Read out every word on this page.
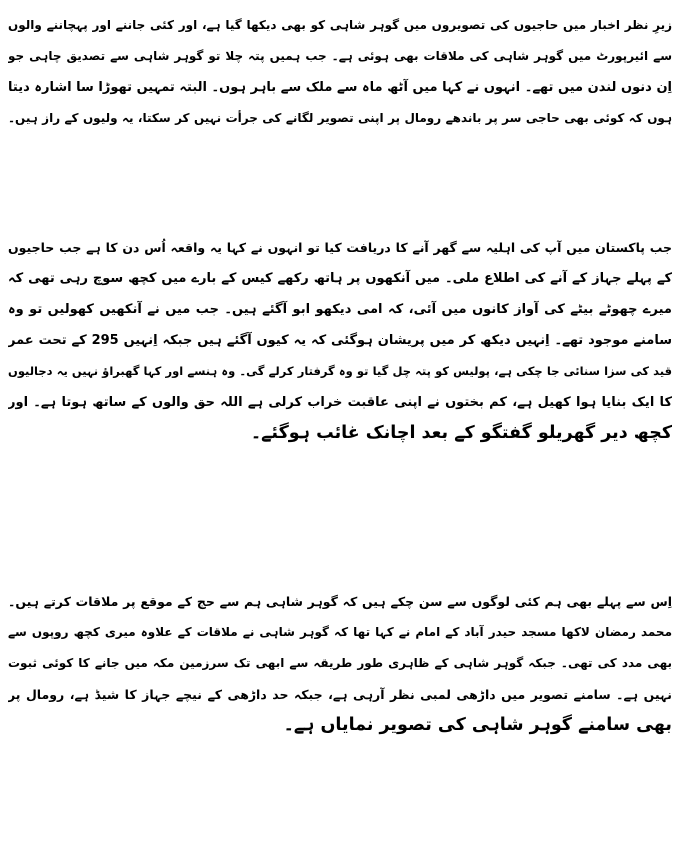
زیرِ نظر اخبار میں حاجیوں کی تصویروں میں گوہر شاہی کو بھی دیکھا گیا ہے، اور کئی جاننے اور پہچاننے والوں
سے ائیرپورٹ میں گوہر شاہی کی ملاقات بھی ہوئی ہے۔ جب ہمیں پتہ چلا تو گوہر شاہی سے تصدیق چاہی جو
اِن دنوں لندن میں تھے۔ انہوں نے کہا میں آٹھ ماہ سے ملک سے باہر ہوں۔ البتہ تمہیں تھوڑا سا اشارہ دیتا
ہوں کہ کوئی بھی حاجی سر پر باندھے رومال پر اپنی تصویر لگانے کی جرأت نہیں کر سکتا، یہ ولیوں کے راز ہیں۔
جب پاکستان میں آپ کی اہلیہ سے گھر آنے کا دریافت کیا تو انہوں نے کہا یہ واقعہ اُس دن کا ہے جب حاجیوں
کے پہلے جہاز کے آنے کی اطلاع ملی۔ میں آنکھوں پر ہاتھ رکھے کیس کے بارے میں کچھ سوچ رہی تھی کہ
میرے چھوٹے بیٹے کی آواز کانوں میں آئی، کہ امی دیکھو ابو آگئے ہیں۔ جب میں نے آنکھیں کھولیں تو وہ
سامنے موجود تھے۔ اِنہیں دیکھ کر میں پریشان ہوگئی کہ یہ کیوں آگئے ہیں جبکہ اِنہیں 295 کے تحت عمر
قید کی سزا سنائی جا چکی ہے، پولیس کو پتہ چل گیا تو وہ گرفتار کرلے گی۔ وہ ہنسے اور کہا گھبراؤ نہیں یہ دجالیوں
کا ایک بنایا ہوا کھیل ہے، کم بختوں نے اپنی عاقبت خراب کرلی ہے اللہ حق والوں کے ساتھ ہوتا ہے۔ اور
کچھ دیر گھریلو گفتگو کے بعد اچانک غائب ہوگئے۔
اِس سے پہلے بھی ہم کئی لوگوں سے سن چکے ہیں کہ گوہر شاہی ہم سے حج کے موقع پر ملاقات کرتے ہیں۔
محمد رمضان لاکھا مسجد حیدر آباد کے امام نے کہا تھا کہ گوہر شاہی نے ملاقات کے علاوہ میری کچھ روپوں سے
بھی مدد کی تھی۔ جبکہ گوہر شاہی کے ظاہری طور طریقہ سے ابھی تک سرزمین مکہ میں جانے کا کوئی ثبوت
نہیں ہے۔ سامنے تصویر میں داڑھی لمبی نظر آرہی ہے، جبکہ حد داڑھی کے نیچے جہاز کا شیڈ ہے، رومال پر
بھی سامنے گوہر شاہی کی تصویر نمایاں ہے۔
